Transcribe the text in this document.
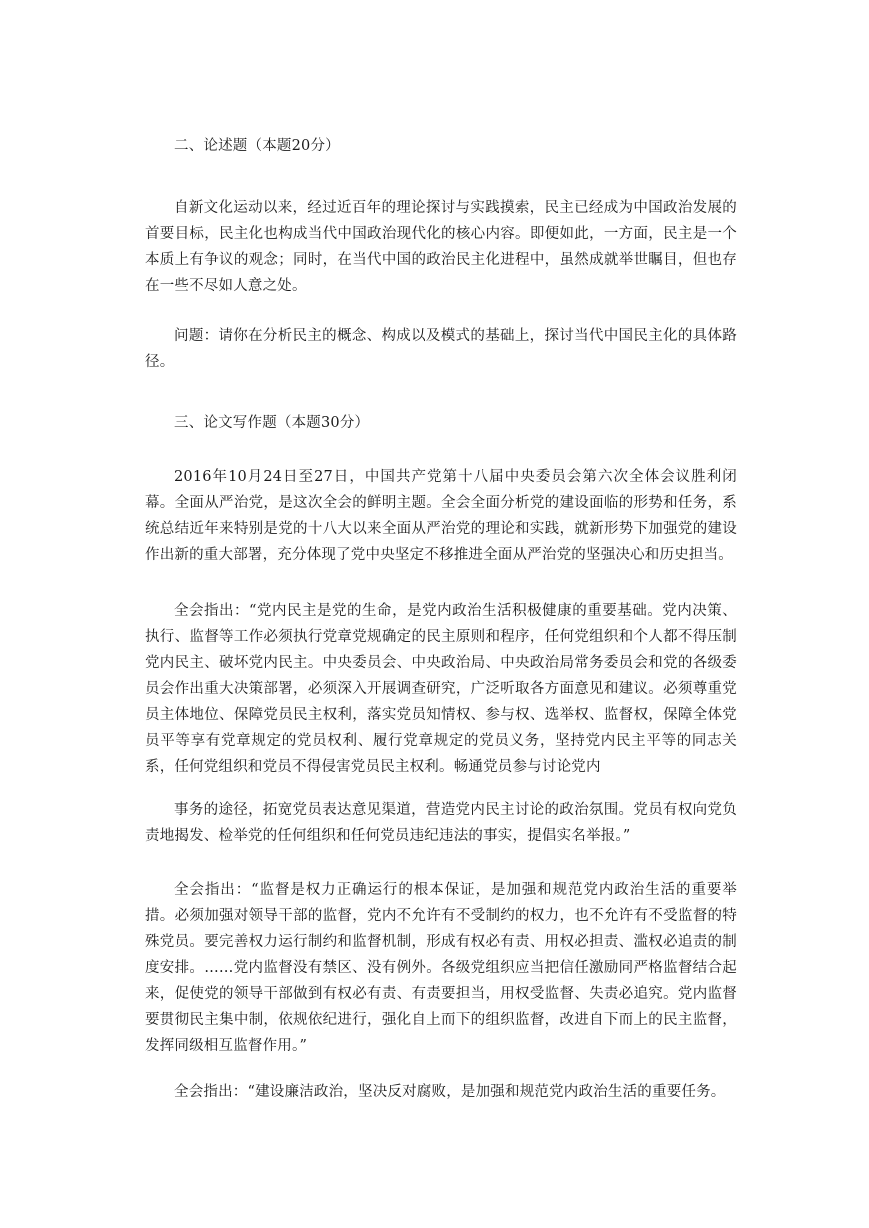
二、论述题（本题20分）

自新文化运动以来，经过近百年的理论探讨与实践摸索，民主已经成为中国政治发展的首要目标，民主化也构成当代中国政治现代化的核心内容。即便如此，一方面，民主是一个本质上有争议的观念；同时，在当代中国的政治民主化进程中，虽然成就举世瞩目，但也存在一些不尽如人意之处。

问题：请你在分析民主的概念、构成以及模式的基础上，探讨当代中国民主化的具体路径。

三、论文写作题（本题30分）

2016年10月24日至27日，中国共产党第十八届中央委员会第六次全体会议胜利闭幕。全面从严治党，是这次全会的鲜明主题。全会全面分析党的建设面临的形势和任务，系统总结近年来特别是党的十八大以来全面从严治党的理论和实践，就新形势下加强党的建设作出新的重大部署，充分体现了党中央坚定不移推进全面从严治党的坚强决心和历史担当。

全会指出：“党内民主是党的生命，是党内政治生活积极健康的重要基础。党内决策、执行、监督等工作必须执行党章党规确定的民主原则和程序，任何党组织和个人都不得压制党内民主、破坏党内民主。中央委员会、中央政治局、中央政治局常务委员会和党的各级委员会作出重大决策部署，必须深入开展调查研究，广泛听取各方面意见和建议。必须尊重党员主体地位、保障党员民主权利，落实党员知情权、参与权、选举权、监督权，保障全体党员平等享有党章规定的党员权利、履行党章规定的党员义务，坚持党内民主平等的同志关系，任何党组织和党员不得侵害党员民主权利。畅通党员参与讨论党内

事务的途径，拓宽党员表达意见渠道，营造党内民主讨论的政治氛围。党员有权向党负责地揭发、检举党的任何组织和任何党员违纪违法的事实，提倡实名举报。”

全会指出：“监督是权力正确运行的根本保证，是加强和规范党内政治生活的重要举措。必须加强对领导干部的监督，党内不允许有不受制约的权力，也不允许有不受监督的特殊党员。要完善权力运行制约和监督机制，形成有权必有责、用权必担责、滥权必追责的制度安排。……党内监督没有禁区、没有例外。各级党组织应当把信任激励同严格监督结合起来，促使党的领导干部做到有权必有责、有责要担当，用权受监督、失责必追究。党内监督要贯彻民主集中制，依规依纪进行，强化自上而下的组织监督，改进自下而上的民主监督，发挥同级相互监督作用。”

全会指出：“建设廉洁政治，坚决反对腐败，是加强和规范党内政治生活的重要任务。
